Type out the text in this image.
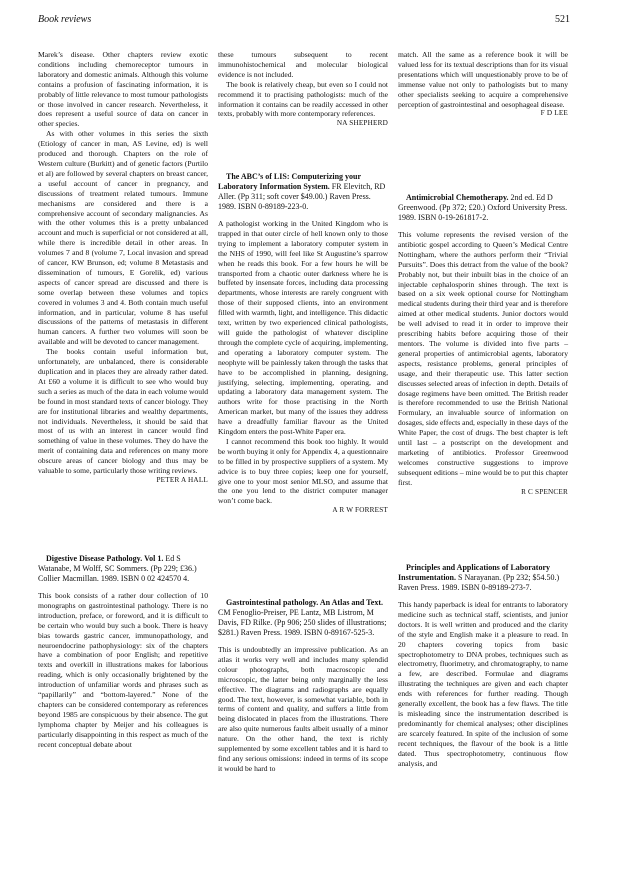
Book reviews	521

Marek’s disease. Other chapters review exotic conditions including chemoreceptor tumours in laboratory and domestic animals. Although this volume contains a profusion of fascinating information, it is probably of little relevance to most tumour pathologists or those involved in cancer research. Nevertheless, it does represent a useful source of data on cancer in other species.

As with other volumes in this series the sixth (Etiology of cancer in man, AS Levine, ed) is well produced and thorough. Chapters on the role of Western culture (Burkitt) and of genetic factors (Purtilo et al) are followed by several chapters on breast cancer, a useful account of cancer in pregnancy, and discussions of treatment related tumours. Immune mechanisms are considered and there is a comprehensive account of secondary malignancies. As with the other volumes this is a pretty unbalanced account and much is superficial or not considered at all, while there is incredible detail in other areas. In volumes 7 and 8 (volume 7, Local invasion and spread of cancer, KW Brunson, ed; volume 8 Metastasis and dissemination of tumours, E Gorelik, ed) various aspects of cancer spread are discussed and there is some overlap between these volumes and topics covered in volumes 3 and 4. Both contain much useful information, and in particular, volume 8 has useful discussions of the patterns of metastasis in different human cancers. A further two volumes will soon be available and will be devoted to cancer management.

The books contain useful information but, unfortunately, are unbalanced, there is considerable duplication and in places they are already rather dated. At £60 a volume it is difficult to see who would buy such a series as much of the data in each volume would be found in most standard texts of cancer biology. They are for institutional libraries and wealthy departments, not individuals. Nevertheless, it should be said that most of us with an interest in cancer would find something of value in these volumes. They do have the merit of containing data and references on many more obscure areas of cancer biology and thus may be valuable to some, particularly those writing reviews.

PETER A HALL

Digestive Disease Pathology. Vol 1. Ed S Watanabe, M Wolff, SC Sommers. (Pp 229; £36.) Collier Macmillan. 1989. ISBN 0 02 424570 4.

This book consists of a rather dour collection of 10 monographs on gastrointestinal pathology. There is no introduction, preface, or foreword, and it is difficult to be certain who would buy such a book. There is heavy bias towards gastric cancer, immunopathology, and neuroendocrine pathophysiology: six of the chapters have a combination of poor English; and repetitive texts and overkill in illustrations makes for laborious reading, which is only occasionally brightened by the introduction of unfamiliar words and phrases such as “papillarily” and “bottom-layered.” None of the chapters can be considered contemporary as references beyond 1985 are conspicuous by their absence. The gut lymphoma chapter by Meijer and his colleagues is particularly disappointing in this respect as much of the recent conceptual debate about

these tumours subsequent to recent immunohistochemical and molecular biological evidence is not included.

The book is relatively cheap, but even so I could not recommend it to practising pathologists: much of the information it contains can be readily accessed in other texts, probably with more contemporary references.

NA SHEPHERD

The ABC’s of LIS: Computerizing your Laboratory Information System. FR Elevitch, RD Aller. (Pp 311; soft cover $49.00.) Raven Press. 1989. ISBN 0-89189-223-0.

A pathologist working in the United Kingdom who is trapped in that outer circle of hell known only to those trying to implement a laboratory computer system in the NHS of 1990, will feel like St Augustine’s sparrow when he reads this book. For a few hours he will be transported from a chaotic outer darkness where he is buffeted by insensate forces, including data processing departments, whose interests are rarely congruent with those of their supposed clients, into an environment filled with warmth, light, and intelligence. This didactic text, written by two experienced clinical pathologists, will guide the pathologist of whatever discipline through the complete cycle of acquiring, implementing, and operating a laboratory computer system. The neophyte will be painlessly taken through the tasks that have to be accomplished in planning, designing, justifying, selecting, implementing, operating, and updating a laboratory data management system. The authors write for those practising in the North American market, but many of the issues they address have a dreadfully familiar flavour as the United Kingdom enters the post-White Paper era.

I cannot recommend this book too highly. It would be worth buying it only for Appendix 4, a questionnaire to be filled in by prospective suppliers of a system. My advice is to buy three copies; keep one for yourself, give one to your most senior MLSO, and assume that the one you lend to the district computer manager won’t come back.

A R W FORREST

Gastrointestinal pathology. An Atlas and Text. CM Fenoglio-Preiser, PE Lantz, MB Listrom, M Davis, FD Rilke. (Pp 906; 250 slides of illustrations; $281.) Raven Press. 1989. ISBN 0-89167-525-3.

This is undoubtedly an impressive publication. As an atlas it works very well and includes many splendid colour photographs, both macroscopic and microscopic, the latter being only marginally the less effective. The diagrams and radiographs are equally good. The text, however, is somewhat variable, both in terms of content and quality, and suffers a little from being dislocated in places from the illustrations. There are also quite numerous faults albeit usually of a minor nature. On the other hand, the text is richly supplemented by some excellent tables and it is hard to find any serious omissions: indeed in terms of its scope it would be hard to

match. All the same as a reference book it will be valued less for its textual descriptions than for its visual presentations which will unquestionably prove to be of immense value not only to pathologists but to many other specialists seeking to acquire a comprehensive perception of gastrointestinal and oesophageal disease.

F D LEE

Antimicrobial Chemotherapy. 2nd ed. Ed D Greenwood. (Pp 372; £20.) Oxford University Press. 1989. ISBN 0-19-261817-2.

This volume represents the revised version of the antibiotic gospel according to Queen’s Medical Centre Nottingham, where the authors perform their “Trivial Pursuits”. Does this detract from the value of the book? Probably not, but their inbuilt bias in the choice of an injectable cephalosporin shines through. The text is based on a six week optional course for Nottingham medical students during their third year and is therefore aimed at other medical students. Junior doctors would be well advised to read it in order to improve their prescribing habits before acquiring those of their mentors. The volume is divided into five parts – general properties of antimicrobial agents, laboratory aspects, resistance problems, general principles of usage, and their therapeutic use. This latter section discusses selected areas of infection in depth. Details of dosage regimens have been omitted. The British reader is therefore recommended to use the British National Formulary, an invaluable source of information on dosages, side effects and, especially in these days of the White Paper, the cost of drugs. The best chapter is left until last – a postscript on the development and marketing of antibiotics. Professor Greenwood welcomes constructive suggestions to improve subsequent editions – mine would be to put this chapter first.

R C SPENCER

Principles and Applications of Laboratory Instrumentation. S Narayanan. (Pp 232; $54.50.) Raven Press. 1989. ISBN 0-89189-273-7.

This handy paperback is ideal for entrants to laboratory medicine such as technical staff, scientists, and junior doctors. It is well written and produced and the clarity of the style and English make it a pleasure to read. In 20 chapters covering topics from basic spectrophotometry to DNA probes, techniques such as electrometry, fluorimetry, and chromatography, to name a few, are described. Formulae and diagrams illustrating the techniques are given and each chapter ends with references for further reading. Though generally excellent, the book has a few flaws. The title is misleading since the instrumentation described is predominantly for chemical analyses; other disciplines are scarcely featured. In spite of the inclusion of some recent techniques, the flavour of the book is a little dated. Thus spectrophotometry, continuous flow analysis, and
